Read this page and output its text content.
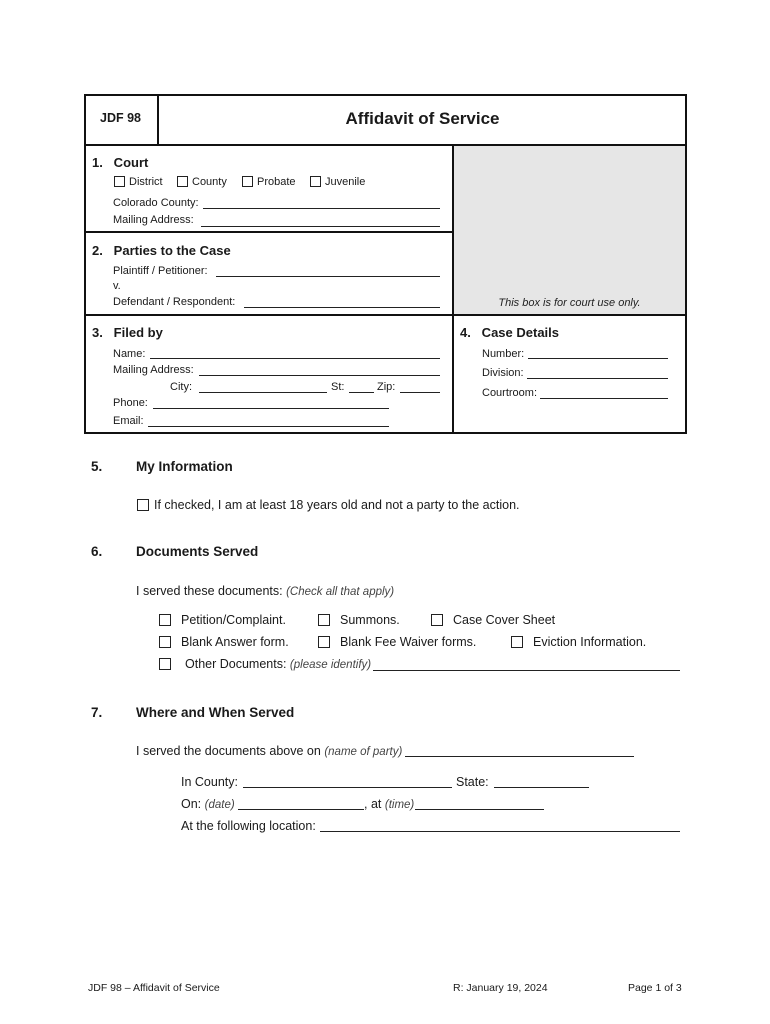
JDF 98	Affidavit of Service
1.   Court
District	County	Probate	Juvenile
Colorado County:
Mailing Address:
2.   Parties to the Case
Plaintiff / Petitioner:
v.
Defendant / Respondent:	This box is for court use only.
3.   Filed by
Name:
Mailing Address:
City:	St:	Zip:
Phone:
Email:
4.   Case Details
Number:
Division:
Courtroom:
5. My Information
If checked, I am at least 18 years old and not a party to the action.
6. Documents Served
I served these documents: (Check all that apply)
Petition/Complaint.	Summons.	Case Cover Sheet
Blank Answer form.	Blank Fee Waiver forms.	Eviction Information.
Other Documents: (please identify)
7. Where and When Served
I served the documents above on (name of party)
In County:	State:
On: (date)	, at (time)
At the following location:
JDF 98 – Affidavit of Service	R: January 19, 2024	Page 1 of 3
